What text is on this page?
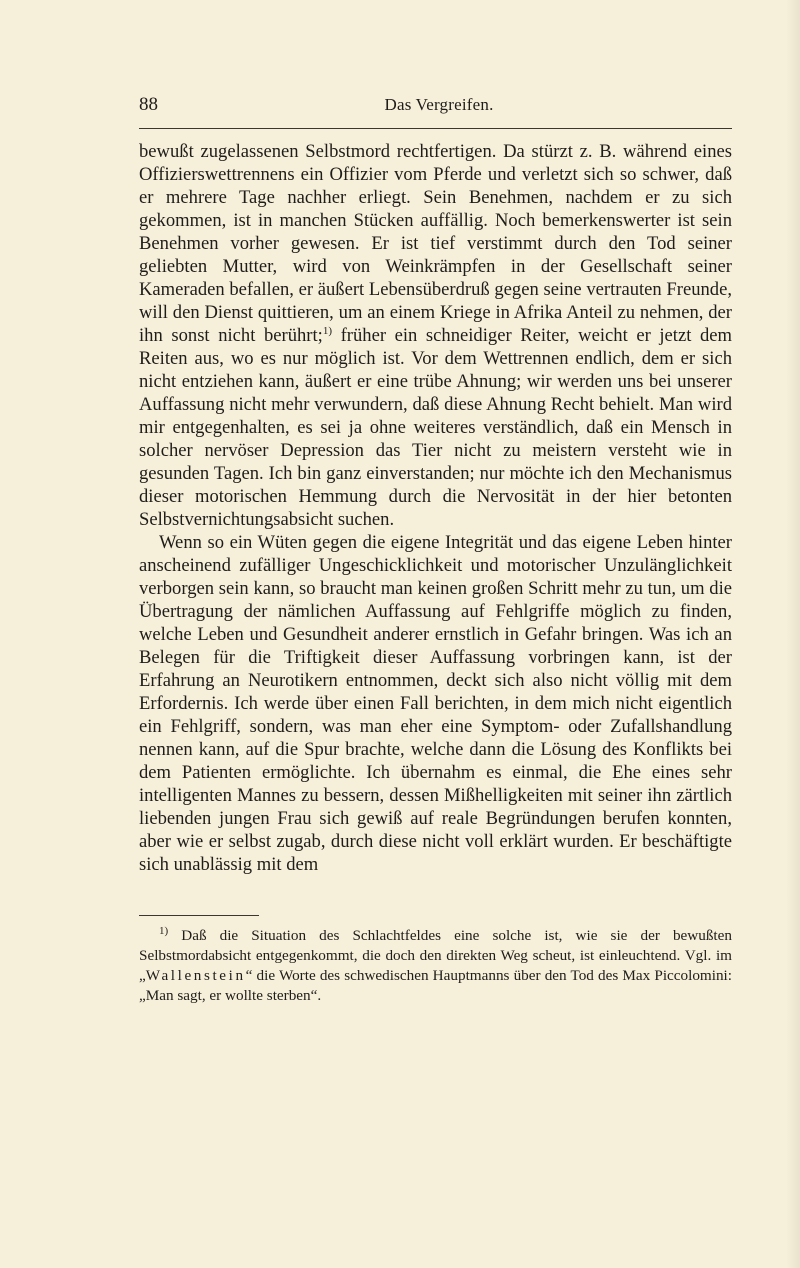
88	Das Vergreifen.

bewußt zugelassenen Selbstmord rechtfertigen. Da stürzt z. B. während eines Offizierswettrennens ein Offizier vom Pferde und verletzt sich so schwer, daß er mehrere Tage nachher erliegt. Sein Benehmen, nachdem er zu sich gekommen, ist in manchen Stücken auffällig. Noch bemerkenswerter ist sein Benehmen vorher gewesen. Er ist tief verstimmt durch den Tod seiner geliebten Mutter, wird von Weinkrämpfen in der Gesellschaft seiner Kameraden befallen, er äußert Lebensüberdruß gegen seine vertrauten Freunde, will den Dienst quittieren, um an einem Kriege in Afrika Anteil zu nehmen, der ihn sonst nicht berührt;$^{1)}$ früher ein schneidiger Reiter, weicht er jetzt dem Reiten aus, wo es nur möglich ist. Vor dem Wettrennen endlich, dem er sich nicht entziehen kann, äußert er eine trübe Ahnung; wir werden uns bei unserer Auffassung nicht mehr verwundern, daß diese Ahnung Recht behielt. Man wird mir entgegenhalten, es sei ja ohne weiteres verständlich, daß ein Mensch in solcher nervöser Depression das Tier nicht zu meistern versteht wie in gesunden Tagen. Ich bin ganz einverstanden; nur möchte ich den Mechanismus dieser motorischen Hemmung durch die Nervosität in der hier betonten Selbstvernichtungsabsicht suchen.

Wenn so ein Wüten gegen die eigene Integrität und das eigene Leben hinter anscheinend zufälliger Ungeschicklichkeit und motorischer Unzulänglichkeit verborgen sein kann, so braucht man keinen großen Schritt mehr zu tun, um die Übertragung der nämlichen Auffassung auf Fehlgriffe möglich zu finden, welche Leben und Gesundheit anderer ernstlich in Gefahr bringen. Was ich an Belegen für die Triftigkeit dieser Auffassung vorbringen kann, ist der Erfahrung an Neurotikern entnommen, deckt sich also nicht völlig mit dem Erfordernis. Ich werde über einen Fall berichten, in dem mich nicht eigentlich ein Fehlgriff, sondern, was man eher eine Symptom- oder Zufallshandlung nennen kann, auf die Spur brachte, welche dann die Lösung des Konflikts bei dem Patienten ermöglichte. Ich übernahm es einmal, die Ehe eines sehr intelligenten Mannes zu bessern, dessen Mißhelligkeiten mit seiner ihn zärtlich liebenden jungen Frau sich gewiß auf reale Begründungen berufen konnten, aber wie er selbst zugab, durch diese nicht voll erklärt wurden. Er beschäftigte sich unablässig mit dem

$^{1)}$ Daß die Situation des Schlachtfeldes eine solche ist, wie sie der bewußten Selbstmordabsicht entgegenkommt, die doch den direkten Weg scheut, ist einleuchtend. Vgl. im „Wallenstein“ die Worte des schwedischen Hauptmanns über den Tod des Max Piccolomini: „Man sagt, er wollte sterben“.
